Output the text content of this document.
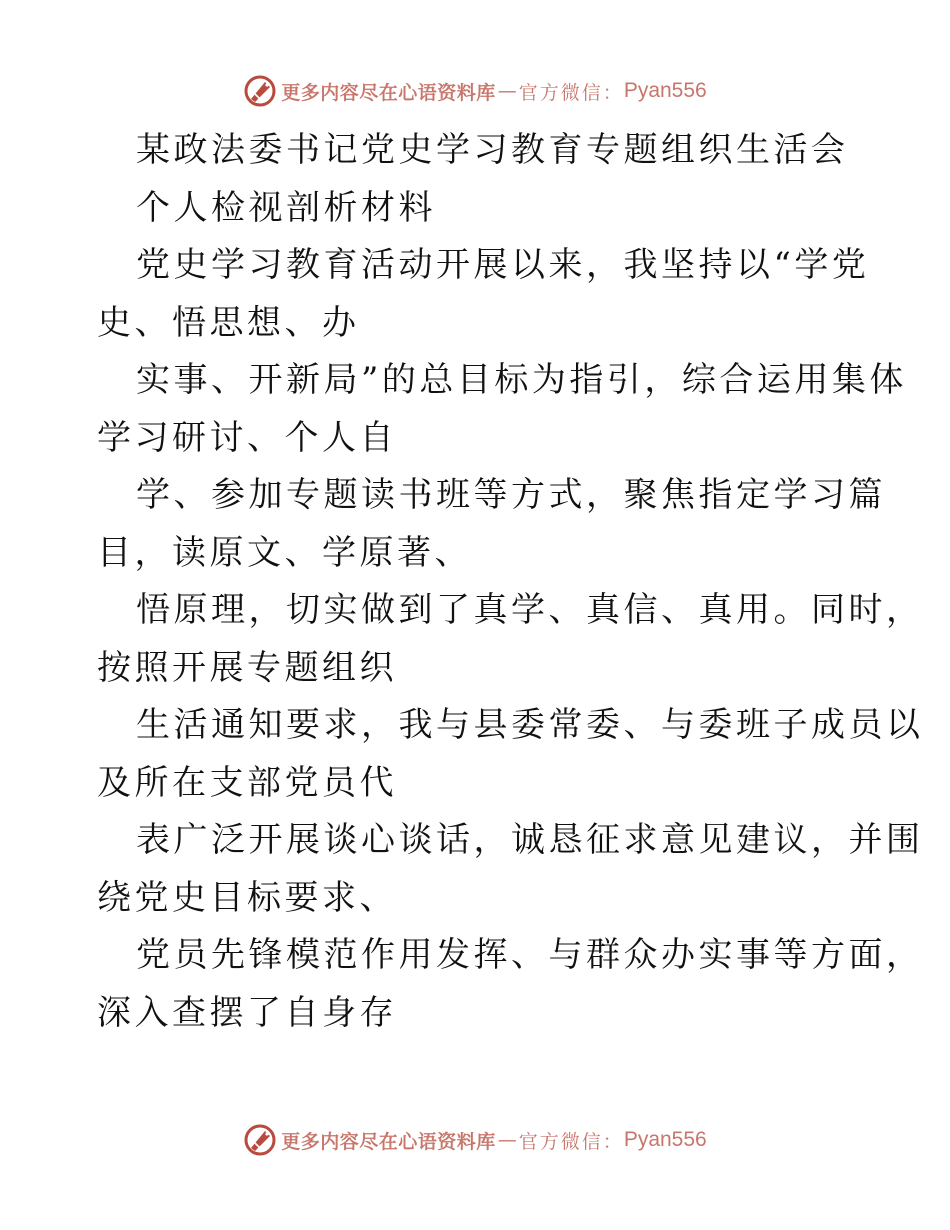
更多内容尽在心语资料库 — 官方微信： Pyan556
某政法委书记党史学习教育专题组织生活会
个人检视剖析材料
党史学习教育活动开展以来，我坚持以“学党
史、悟思想、办
实事、开新局”的总目标为指引，综合运用集体
学习研讨、个人自
学、参加专题读书班等方式，聚焦指定学习篇
目，读原文、学原著、
悟原理，切实做到了真学、真信、真用。同时，
按照开展专题组织
生活通知要求，我与县委常委、与委班子成员以
及所在支部党员代
表广泛开展谈心谈话，诚恳征求意见建议，并围
绕党史目标要求、
党员先锋模范作用发挥、与群众办实事等方面，
深入查摆了自身存
更多内容尽在心语资料库 — 官方微信： Pyan556
